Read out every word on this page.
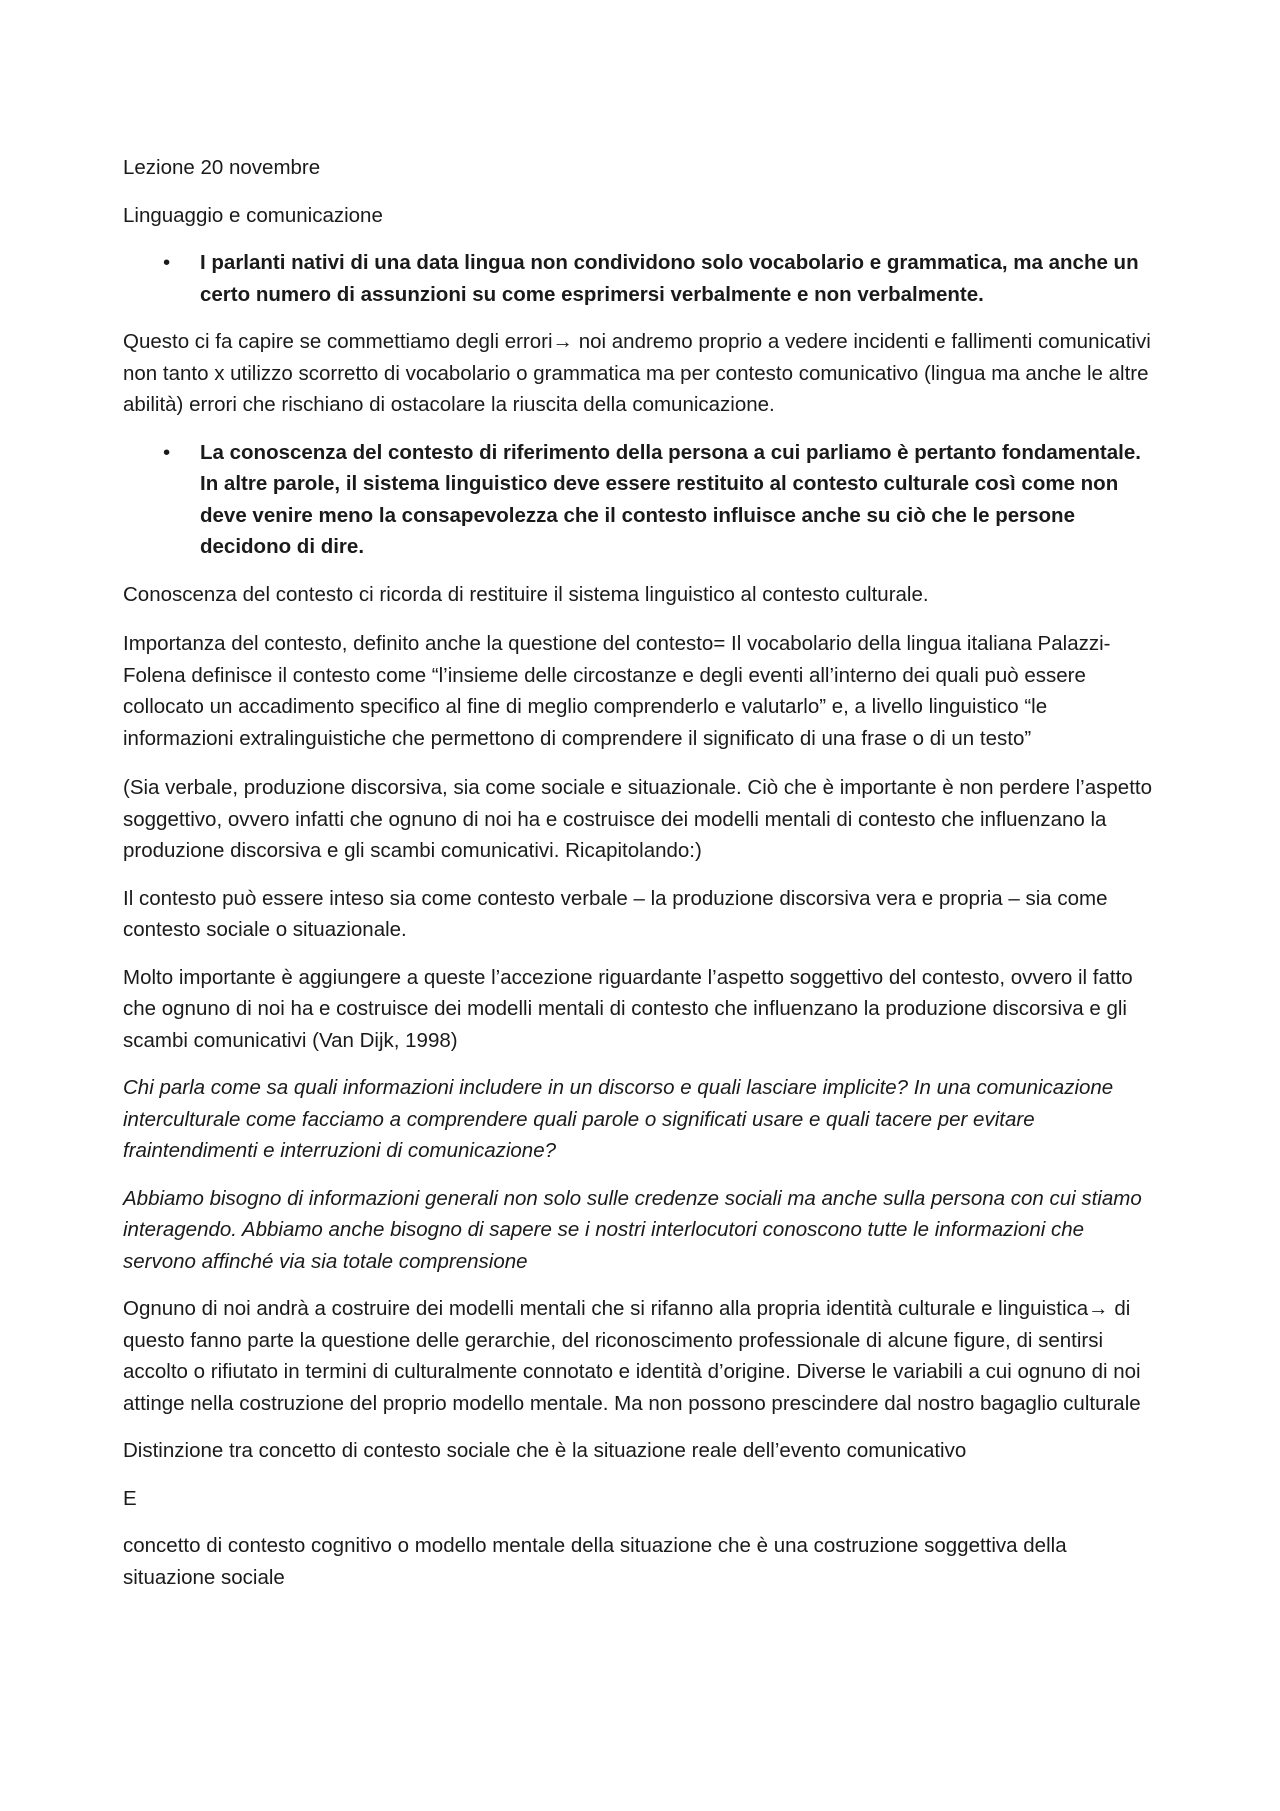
Lezione 20 novembre

Linguaggio e comunicazione

• I parlanti nativi di una data lingua non condividono solo vocabolario e grammatica, ma anche un certo numero di assunzioni su come esprimersi verbalmente e non verbalmente.

Questo ci fa capire se commettiamo degli errori→ noi andremo proprio a vedere incidenti e fallimenti comunicativi non tanto x utilizzo scorretto di vocabolario o grammatica ma per contesto comunicativo (lingua ma anche le altre abilità) errori che rischiano di ostacolare la riuscita della comunicazione.

• La conoscenza del contesto di riferimento della persona a cui parliamo è pertanto fondamentale. In altre parole, il sistema linguistico deve essere restituito al contesto culturale così come non deve venire meno la consapevolezza che il contesto influisce anche su ciò che le persone decidono di dire.

Conoscenza del contesto ci ricorda di restituire il sistema linguistico al contesto culturale.

Importanza del contesto, definito anche la questione del contesto= Il vocabolario della lingua italiana Palazzi-Folena definisce il contesto come “l’insieme delle circostanze e degli eventi all’interno dei quali può essere collocato un accadimento specifico al fine di meglio comprenderlo e valutarlo” e, a livello linguistico “le informazioni extralinguistiche che permettono di comprendere il significato di una frase o di un testo”

(Sia verbale, produzione discorsiva, sia come sociale e situazionale. Ciò che è importante è non perdere l’aspetto soggettivo, ovvero infatti che ognuno di noi ha e costruisce dei modelli mentali di contesto che influenzano la produzione discorsiva e gli scambi comunicativi. Ricapitolando:)

Il contesto può essere inteso sia come contesto verbale – la produzione discorsiva vera e propria – sia come contesto sociale o situazionale.

Molto importante è aggiungere a queste l’accezione riguardante l’aspetto soggettivo del contesto, ovvero il fatto che ognuno di noi ha e costruisce dei modelli mentali di contesto che influenzano la produzione discorsiva e gli scambi comunicativi (Van Dijk, 1998)

Chi parla come sa quali informazioni includere in un discorso e quali lasciare implicite? In una comunicazione interculturale come facciamo a comprendere quali parole o significati usare e quali tacere per evitare fraintendimenti e interruzioni di comunicazione?

Abbiamo bisogno di informazioni generali non solo sulle credenze sociali ma anche sulla persona con cui stiamo interagendo. Abbiamo anche bisogno di sapere se i nostri interlocutori conoscono tutte le informazioni che servono affinché via sia totale comprensione

Ognuno di noi andrà a costruire dei modelli mentali che si rifanno alla propria identità culturale e linguistica→ di questo fanno parte la questione delle gerarchie, del riconoscimento professionale di alcune figure, di sentirsi accolto o rifiutato in termini di culturalmente connotato e identità d’origine. Diverse le variabili a cui ognuno di noi attinge nella costruzione del proprio modello mentale. Ma non possono prescindere dal nostro bagaglio culturale

Distinzione tra concetto di contesto sociale che è la situazione reale dell’evento comunicativo

E

concetto di contesto cognitivo o modello mentale della situazione che è una costruzione soggettiva della situazione sociale
